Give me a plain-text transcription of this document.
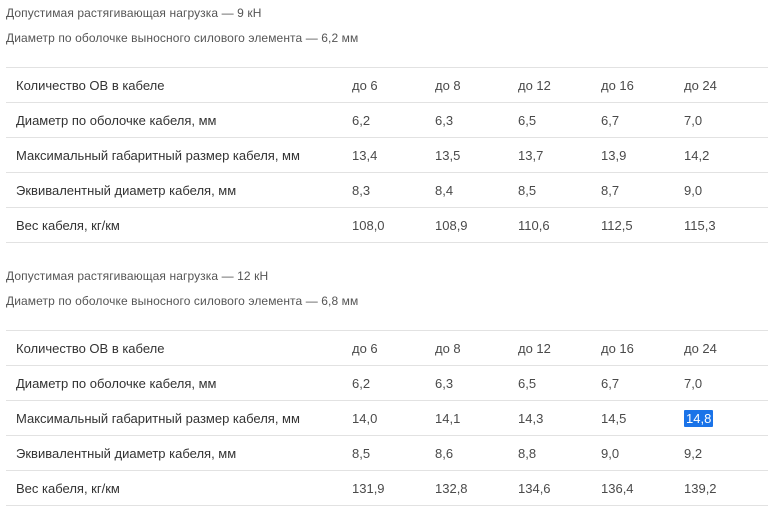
Допустимая растягивающая нагрузка — 9 кН
Диаметр по оболочке выносного силового элемента — 6,2 мм
Количество ОВ в кабеле	до 6	до 8	до 12	до 16	до 24
Диаметр по оболочке кабеля, мм	6,2	6,3	6,5	6,7	7,0
Максимальный габаритный размер кабеля, мм	13,4	13,5	13,7	13,9	14,2
Эквивалентный диаметр кабеля, мм	8,3	8,4	8,5	8,7	9,0
Вес кабеля, кг/км	108,0	108,9	110,6	112,5	115,3
Допустимая растягивающая нагрузка — 12 кН
Диаметр по оболочке выносного силового элемента — 6,8 мм
Количество ОВ в кабеле	до 6	до 8	до 12	до 16	до 24
Диаметр по оболочке кабеля, мм	6,2	6,3	6,5	6,7	7,0
Максимальный габаритный размер кабеля, мм	14,0	14,1	14,3	14,5	14,8
Эквивалентный диаметр кабеля, мм	8,5	8,6	8,8	9,0	9,2
Вес кабеля, кг/км	131,9	132,8	134,6	136,4	139,2
